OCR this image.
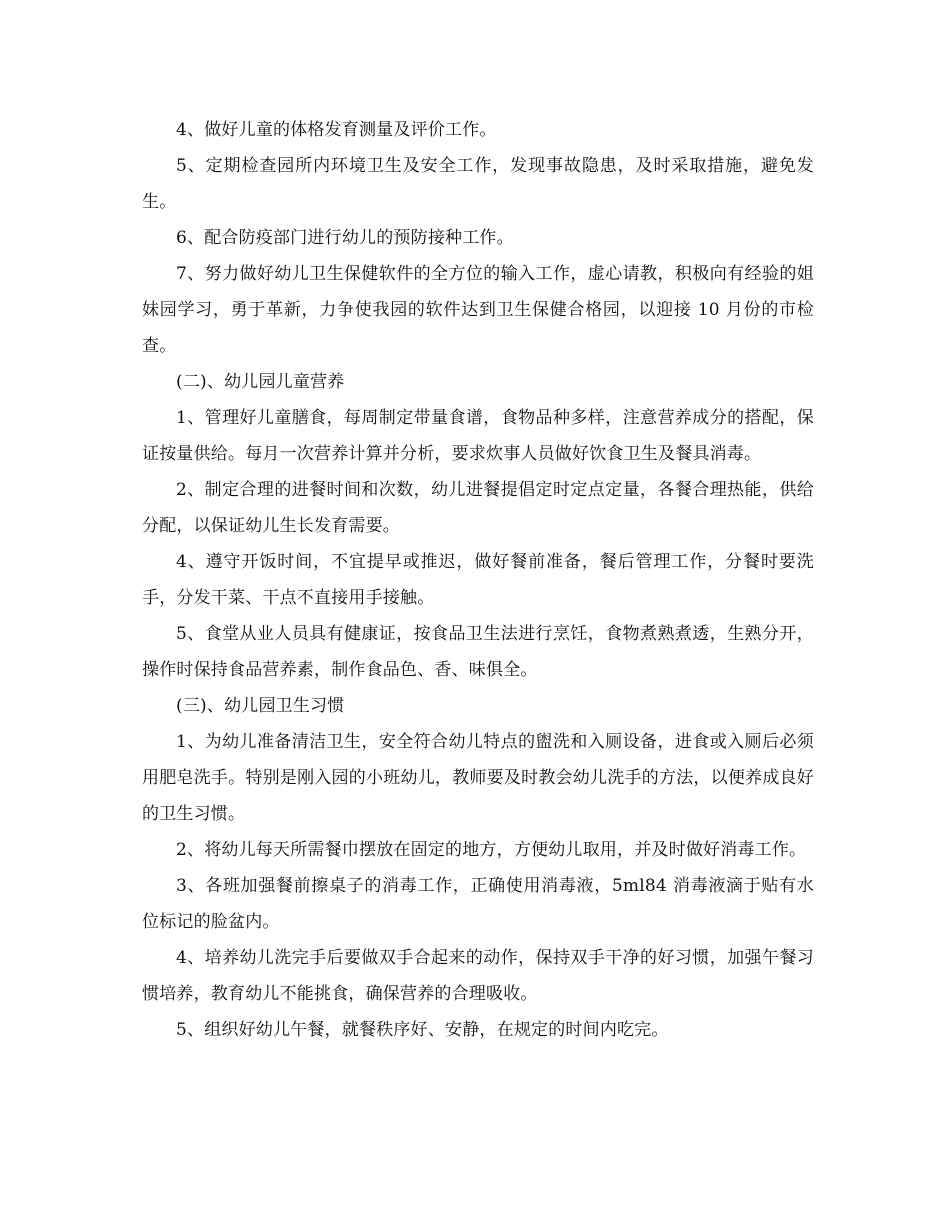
4、做好儿童的体格发育测量及评价工作。

5、定期检查园所内环境卫生及安全工作，发现事故隐患，及时采取措施，避免发生。

6、配合防疫部门进行幼儿的预防接种工作。

7、努力做好幼儿卫生保健软件的全方位的输入工作，虚心请教，积极向有经验的姐妹园学习，勇于革新，力争使我园的软件达到卫生保健合格园，以迎接 10 月份的市检查。

(二)、幼儿园儿童营养

1、管理好儿童膳食，每周制定带量食谱，食物品种多样，注意营养成分的搭配，保证按量供给。每月一次营养计算并分析，要求炊事人员做好饮食卫生及餐具消毒。

2、制定合理的进餐时间和次数，幼儿进餐提倡定时定点定量，各餐合理热能，供给分配，以保证幼儿生长发育需要。

4、遵守开饭时间，不宜提早或推迟，做好餐前准备，餐后管理工作，分餐时要洗手，分发干菜、干点不直接用手接触。

5、食堂从业人员具有健康证，按食品卫生法进行烹饪，食物煮熟煮透，生熟分开，操作时保持食品营养素，制作食品色、香、味俱全。

(三)、幼儿园卫生习惯

1、为幼儿准备清洁卫生，安全符合幼儿特点的盥洗和入厕设备，进食或入厕后必须用肥皂洗手。特别是刚入园的小班幼儿，教师要及时教会幼儿洗手的方法，以便养成良好的卫生习惯。

2、将幼儿每天所需餐巾摆放在固定的地方，方便幼儿取用，并及时做好消毒工作。

3、各班加强餐前擦桌子的消毒工作，正确使用消毒液，5ml84 消毒液滴于贴有水位标记的脸盆内。

4、培养幼儿洗完手后要做双手合起来的动作，保持双手干净的好习惯，加强午餐习惯培养，教育幼儿不能挑食，确保营养的合理吸收。

5、组织好幼儿午餐，就餐秩序好、安静，在规定的时间内吃完。
